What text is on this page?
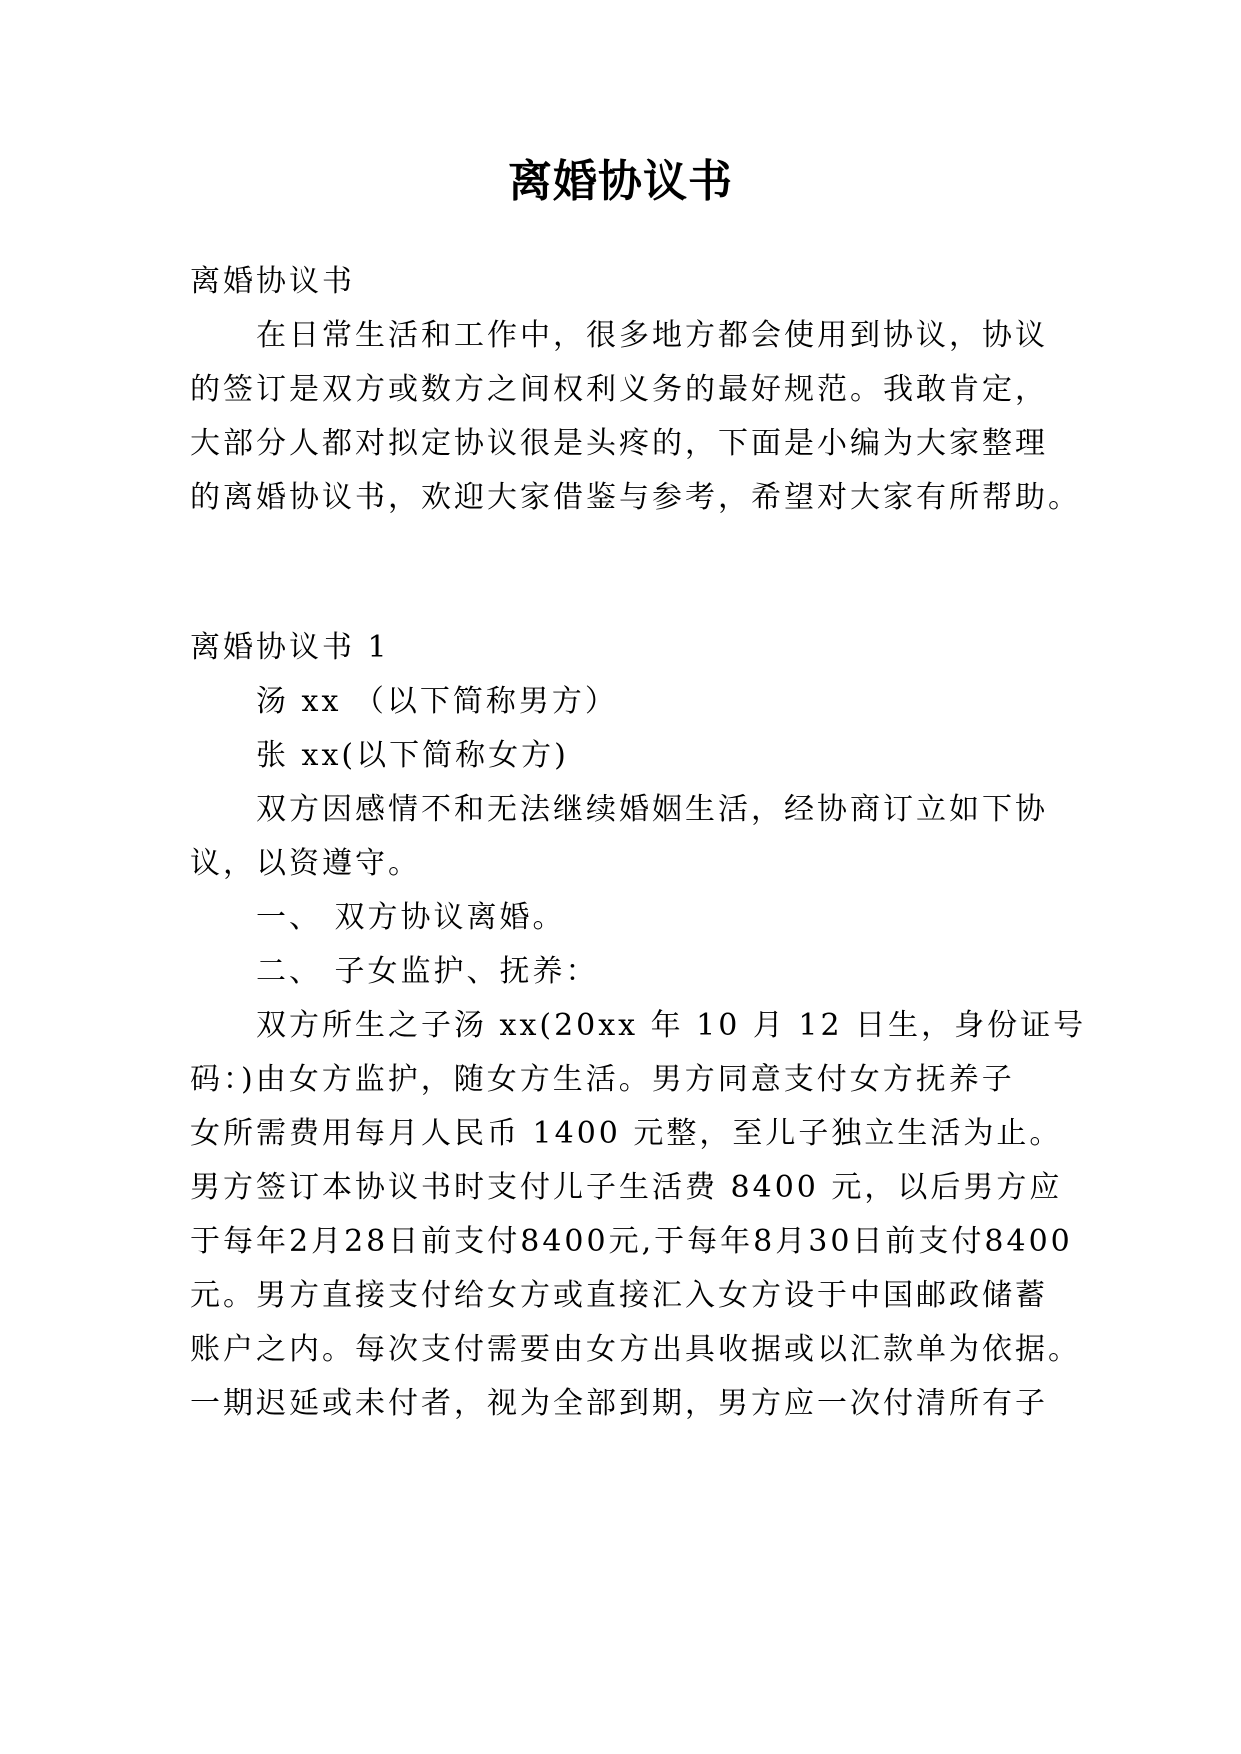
离婚协议书
离婚协议书
在日常生活和工作中，很多地方都会使用到协议，协议
的签订是双方或数方之间权利义务的最好规范。我敢肯定，
大部分人都对拟定协议很是头疼的，下面是小编为大家整理
的离婚协议书，欢迎大家借鉴与参考，希望对大家有所帮助。
离婚协议书 1
汤 xx （以下简称男方）
张 xx(以下简称女方)
双方因感情不和无法继续婚姻生活，经协商订立如下协
议，以资遵守。
一、 双方协议离婚。
二、 子女监护、抚养：
双方所生之子汤 xx(20xx 年 10 月 12 日生，身份证号
码：)由女方监护，随女方生活。男方同意支付女方抚养子
女所需费用每月人民币 1400 元整，至儿子独立生活为止。
男方签订本协议书时支付儿子生活费 8400 元，以后男方应
于每年2月28日前支付8400元,于每年8月30日前支付8400
元。男方直接支付给女方或直接汇入女方设于中国邮政储蓄
账户之内。每次支付需要由女方出具收据或以汇款单为依据。
一期迟延或未付者，视为全部到期，男方应一次付清所有子
